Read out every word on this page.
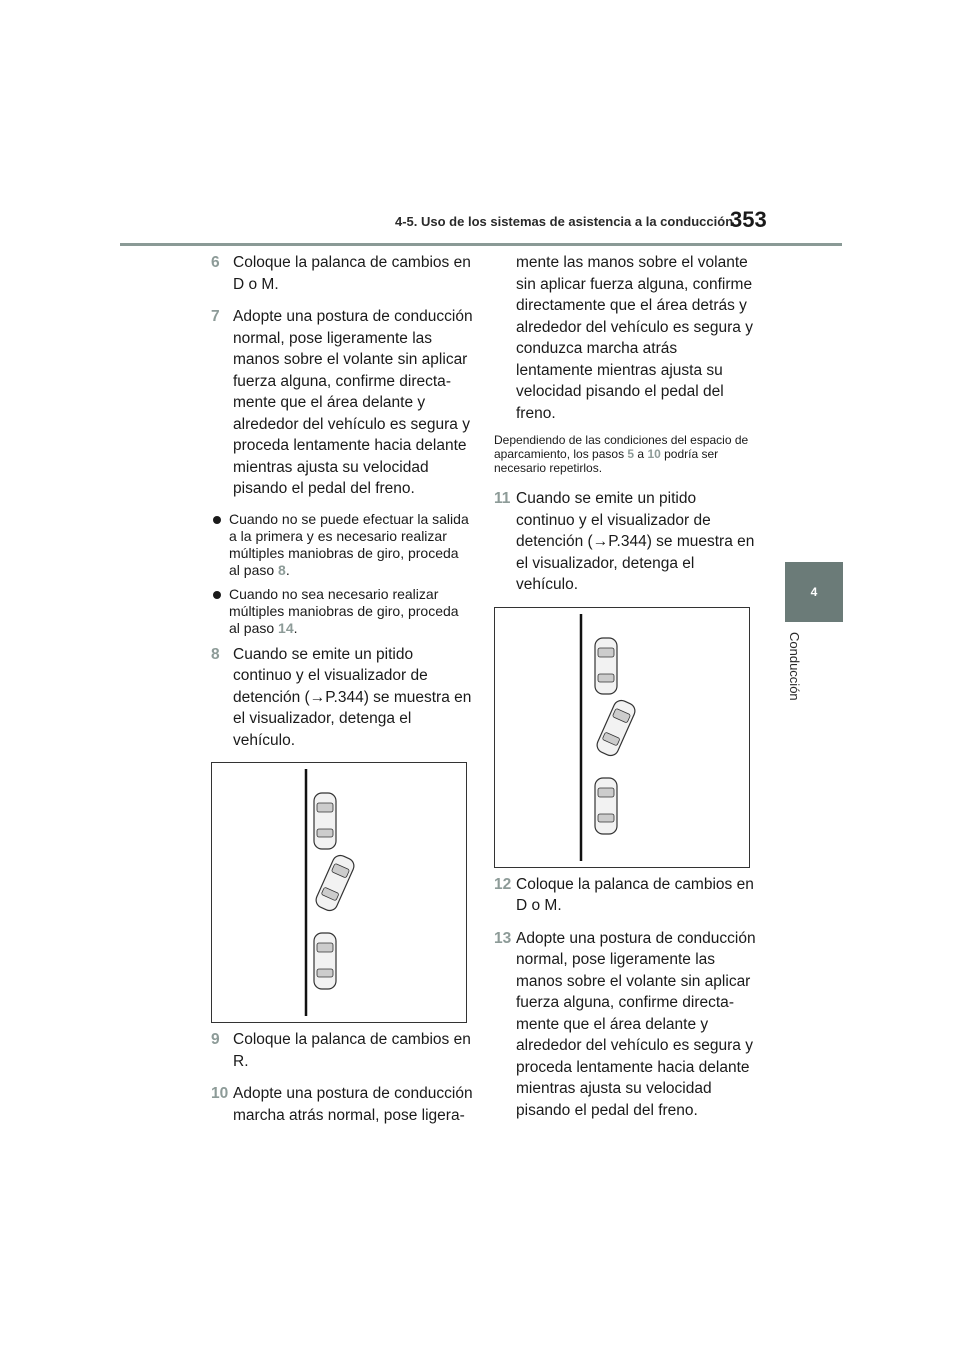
4-5. Uso de los sistemas de asistencia a la conducción
353
4
Conducción
6 Coloque la palanca de cambios en D o M.
7 Adopte una postura de conducción normal, pose ligeramente las manos sobre el volante sin aplicar fuerza alguna, confirme directamente que el área delante y alrededor del vehículo es segura y proceda lentamente hacia delante mientras ajusta su velocidad pisando el pedal del freno.
Cuando no se puede efectuar la salida a la primera y es necesario realizar múltiples maniobras de giro, proceda al paso 8.
Cuando no sea necesario realizar múltiples maniobras de giro, proceda al paso 14.
8 Cuando se emite un pitido continuo y el visualizador de detención (→P.344) se muestra en el visualizador, detenga el vehículo.
9 Coloque la palanca de cambios en R.
10 Adopte una postura de conducción marcha atrás normal, pose ligera-
mente las manos sobre el volante sin aplicar fuerza alguna, confirme directamente que el área detrás y alrededor del vehículo es segura y conduzca marcha atrás lentamente mientras ajusta su velocidad pisando el pedal del freno.
Dependiendo de las condiciones del espacio de aparcamiento, los pasos 5 a 10 podría ser necesario repetirlos.
11 Cuando se emite un pitido continuo y el visualizador de detención (→P.344) se muestra en el visualizador, detenga el vehículo.
12 Coloque la palanca de cambios en D o M.
13 Adopte una postura de conducción normal, pose ligeramente las manos sobre el volante sin aplicar fuerza alguna, confirme directamente que el área delante y alrededor del vehículo es segura y proceda lentamente hacia delante mientras ajusta su velocidad pisando el pedal del freno.
